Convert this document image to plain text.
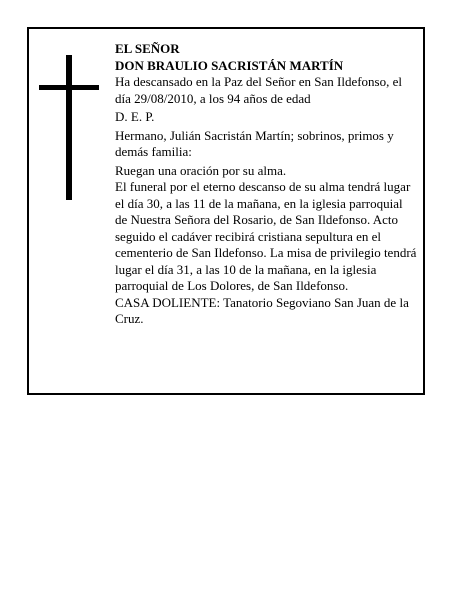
EL SEÑOR

DON BRAULIO SACRISTÁN MARTÍN

Ha descansado en la Paz del Señor en San Ildefonso, el día 29/08/2010, a los 94 años de edad

D. E. P.

Hermano, Julián Sacristán Martín; sobrinos, primos y demás familia:

Ruegan una oración por su alma.

El funeral por el eterno descanso de su alma tendrá lugar el día 30, a las 11 de la mañana, en la iglesia parroquial de Nuestra Señora del Rosario, de San Ildefonso. Acto seguido el cadáver recibirá cristiana sepultura en el cementerio de San Ildefonso. La misa de privilegio tendrá lugar el día 31, a las 10 de la mañana, en la iglesia parroquial de Los Dolores, de San Ildefonso.

CASA DOLIENTE: Tanatorio Segoviano San Juan de la Cruz.
